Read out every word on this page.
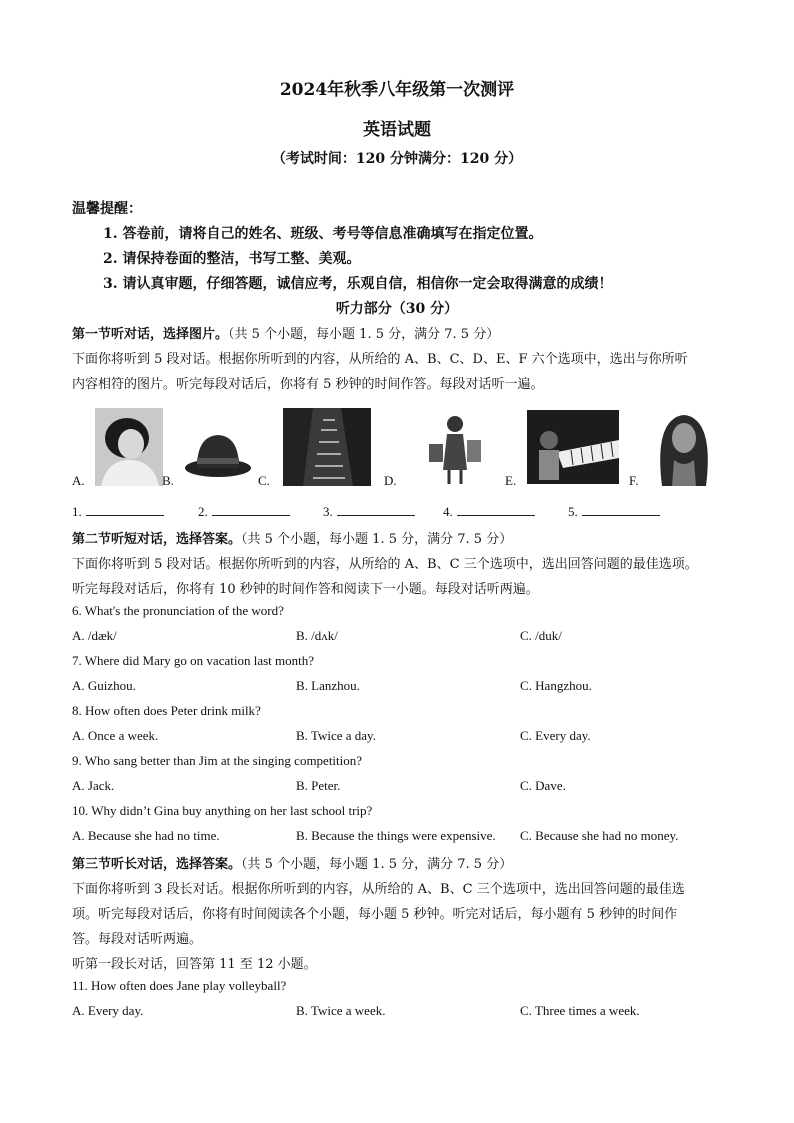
2024年秋季八年级第一次测评
英语试题
（考试时间：120 分钟满分：120 分）
温馨提醒：
1. 答卷前，请将自己的姓名、班级、考号等信息准确填写在指定位置。
2. 请保持卷面的整洁，书写工整、美观。
3. 请认真审题，仔细答题，诚信应考，乐观自信，相信你一定会取得满意的成绩！
听力部分（30 分）
第一节听对话，选择图片。（共 5 个小题，每小题 1. 5 分，满分 7. 5 分）
下面你将听到 5 段对话。根据你所听到的内容，从所给的 A、B、C、D、E、F 六个选项中，选出与你所听
内容相符的图片。听完每段对话后，你将有 5 秒钟的时间作答。每段对话听一遍。
A.	B.	C.	D.	E.	F.
1.	2.	3.	4.	5.
第二节听短对话，选择答案。（共 5 个小题，每小题 1. 5 分，满分 7. 5 分）
下面你将听到 5 段对话。根据你所听到的内容，从所给的 A、B、C 三个选项中，选出回答问题的最佳选项。
听完每段对话后，你将有 10 秒钟的时间作答和阅读下一小题。每段对话听两遍。
6. What's the pronunciation of the word?
A. /dæk/	B. /dʌk/	C. /duk/
7. Where did Mary go on vacation last month?
A. Guizhou.	B. Lanzhou.	C. Hangzhou.
8. How often does Peter drink milk?
A. Once a week.	B. Twice a day.	C. Every day.
9. Who sang better than Jim at the singing competition?
A. Jack.	B. Peter.	C. Dave.
10. Why didn’t Gina buy anything on her last school trip?
A. Because she had no time.	B. Because the things were expensive. C. Because she had no money.
第三节听长对话，选择答案。（共 5 个小题，每小题 1. 5 分，满分 7. 5 分）
下面你将听到 3 段长对话。根据你所听到的内容，从所给的 A、B、C 三个选项中，选出回答问题的最佳选
项。听完每段对话后，你将有时间阅读各个小题，每小题 5 秒钟。听完对话后，每小题有 5 秒钟的时间作
答。每段对话听两遍。
听第一段长对话，回答第 11 至 12 小题。
11. How often does Jane play volleyball?
A. Every day.	B. Twice a week.	C. Three times a week.
